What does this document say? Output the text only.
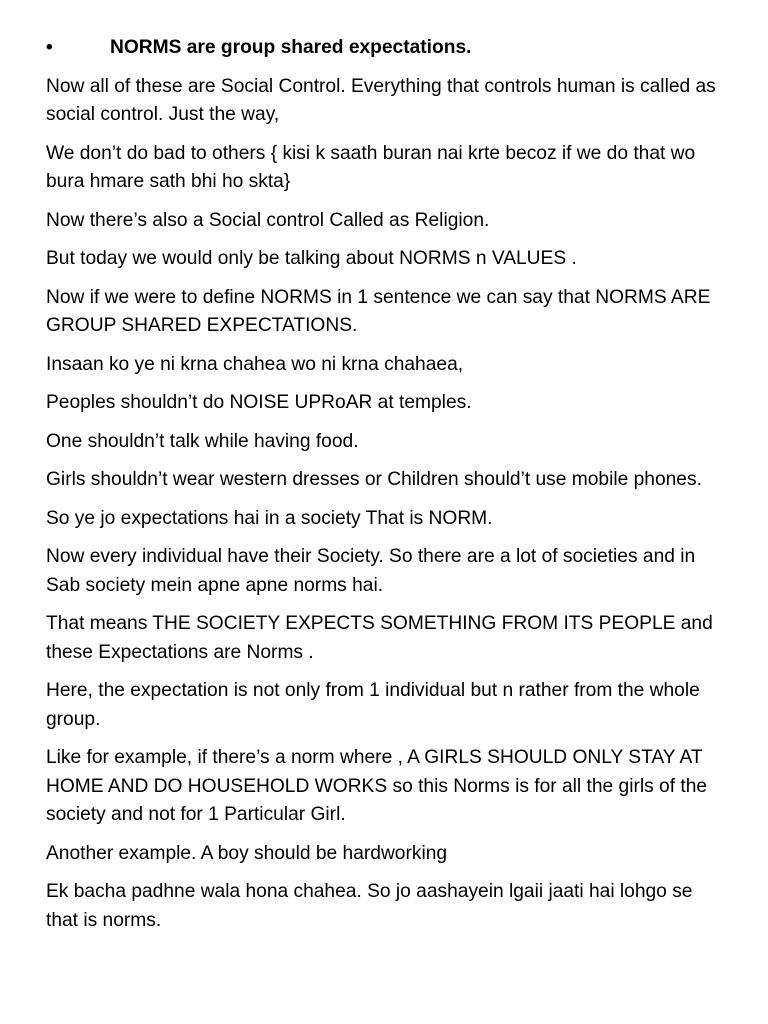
•	NORMS are group shared expectations.

Now all of these are Social Control. Everything that controls human is called as social control. Just the way,

We don’t do bad to others { kisi k saath buran nai krte becoz if we do that wo bura hmare sath bhi ho skta}

Now there’s also a Social control Called as Religion.

But today we would only be talking about NORMS n VALUES .

Now if we were to define NORMS in 1 sentence we can say that NORMS ARE GROUP SHARED EXPECTATIONS.

Insaan ko ye ni krna chahea wo ni krna chahaea,

Peoples shouldn’t do NOISE UPRoAR at temples.

One shouldn’t talk while having food.

Girls shouldn’t wear western dresses or Children should’t use mobile phones.

So ye jo expectations hai in a society That is NORM.

Now every individual have their Society. So there are a lot of societies and in Sab society mein apne apne norms hai.

That means THE SOCIETY EXPECTS SOMETHING FROM ITS PEOPLE and these Expectations are Norms .

Here, the expectation is not only from 1 individual but n rather from the whole group.

Like for example, if there’s a norm where , A GIRLS SHOULD ONLY STAY AT HOME AND DO HOUSEHOLD WORKS so this Norms is for all the girls of the society and not for 1 Particular Girl.

Another example. A boy should be hardworking

Ek bacha padhne wala hona chahea. So jo aashayein lgaii jaati hai lohgo se that is norms.
